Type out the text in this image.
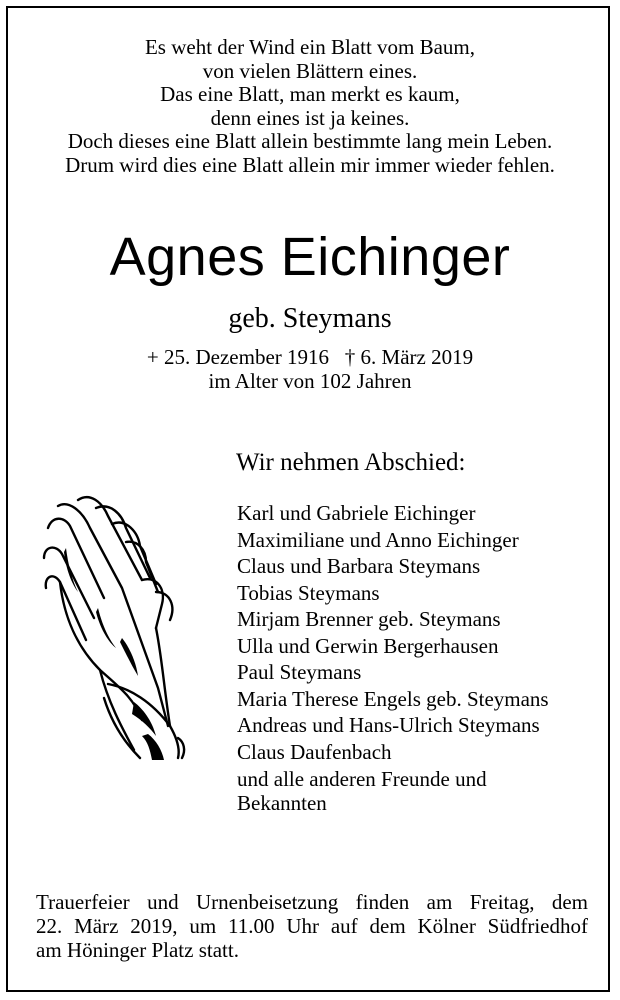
Es weht der Wind ein Blatt vom Baum,
von vielen Blättern eines.
Das eine Blatt, man merkt es kaum,
denn eines ist ja keines.
Doch dieses eine Blatt allein bestimmte lang mein Leben.
Drum wird dies eine Blatt allein mir immer wieder fehlen.
Agnes Eichinger
geb. Steymans
+ 25. Dezember 1916   † 6. März 2019
im Alter von 102 Jahren
Wir nehmen Abschied:
Karl und Gabriele Eichinger
Maximiliane und Anno Eichinger
Claus und Barbara Steymans
Tobias Steymans
Mirjam Brenner geb. Steymans
Ulla und Gerwin Bergerhausen
Paul Steymans
Maria Therese Engels geb. Steymans
Andreas und Hans-Ulrich Steymans
Claus Daufenbach
und alle anderen Freunde und Bekannten
Trauerfeier und Urnenbeisetzung finden am Freitag, dem
22. März 2019, um 11.00 Uhr auf dem Kölner Südfriedhof
am Höninger Platz statt.
